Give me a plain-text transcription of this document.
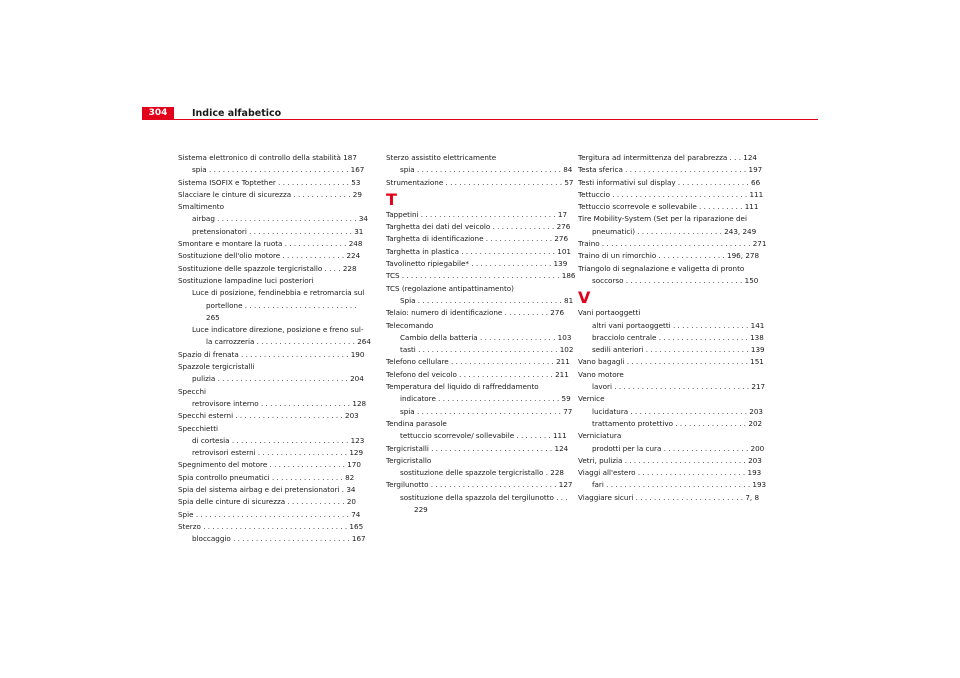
304	Indice alfabetico
Sistema elettronico di controllo della stabilità 187
spia . . . . . . . . . . . . . . . . . . . . . . . . . . . . . . . 167
Sistema ISOFIX e Toptether . . . . . . . . . . . . . . . . 53
Slacciare le cinture di sicurezza . . . . . . . . . . . . . 29
Smaltimento
airbag . . . . . . . . . . . . . . . . . . . . . . . . . . . . . . . 34
pretensionatori . . . . . . . . . . . . . . . . . . . . . . . 31
Smontare e montare la ruota . . . . . . . . . . . . . . 248
Sostituzione dell'olio motore . . . . . . . . . . . . . . 224
Sostituzione delle spazzole tergicristallo . . . . 228
Sostituzione lampadine luci posteriori
Luce di posizione, fendinebbia e retromarcia sul
portellone . . . . . . . . . . . . . . . . . . . . . . . . . 265
Luce indicatore direzione, posizione e freno sul-
la carrozzeria . . . . . . . . . . . . . . . . . . . . . . 264
Spazio di frenata . . . . . . . . . . . . . . . . . . . . . . . . 190
Spazzole tergicristalli
pulizia . . . . . . . . . . . . . . . . . . . . . . . . . . . . . 204
Specchi
retrovisore interno . . . . . . . . . . . . . . . . . . . . 128
Specchi esterni . . . . . . . . . . . . . . . . . . . . . . . . 203
Specchietti
di cortesia . . . . . . . . . . . . . . . . . . . . . . . . . . 123
retrovisori esterni . . . . . . . . . . . . . . . . . . . . 129
Spegnimento del motore . . . . . . . . . . . . . . . . . 170
Spia controllo pneumatici . . . . . . . . . . . . . . . . 82
Spia del sistema airbag e dei pretensionatori . 34
Spia delle cinture di sicurezza . . . . . . . . . . . . . 20
Spie . . . . . . . . . . . . . . . . . . . . . . . . . . . . . . . . . . 74
Sterzo . . . . . . . . . . . . . . . . . . . . . . . . . . . . . . . . 165
bloccaggio . . . . . . . . . . . . . . . . . . . . . . . . . . 167
Sterzo assistito elettricamente
spia . . . . . . . . . . . . . . . . . . . . . . . . . . . . . . . . 84
Strumentazione . . . . . . . . . . . . . . . . . . . . . . . . . . 57
T
Tappetini . . . . . . . . . . . . . . . . . . . . . . . . . . . . . . 17
Targhetta dei dati del veicolo . . . . . . . . . . . . . . 276
Targhetta di identificazione . . . . . . . . . . . . . . . 276
Targhetta in plastica . . . . . . . . . . . . . . . . . . . . . 101
Tavolinetto ripiegabile* . . . . . . . . . . . . . . . . . . 139
TCS . . . . . . . . . . . . . . . . . . . . . . . . . . . . . . . . . . . 186
TCS (regolazione antipattinamento)
Spia . . . . . . . . . . . . . . . . . . . . . . . . . . . . . . . . 81
Telaio: numero di identificazione . . . . . . . . . . 276
Telecomando
Cambio della batteria . . . . . . . . . . . . . . . . . 103
tasti . . . . . . . . . . . . . . . . . . . . . . . . . . . . . . . 102
Telefono cellulare . . . . . . . . . . . . . . . . . . . . . . . 211
Telefono del veicolo . . . . . . . . . . . . . . . . . . . . . 211
Temperatura del liquido di raffreddamento
indicatore . . . . . . . . . . . . . . . . . . . . . . . . . . . 59
spia . . . . . . . . . . . . . . . . . . . . . . . . . . . . . . . . 77
Tendina parasole
tettuccio scorrevole/ sollevabile . . . . . . . . 111
Tergicristalli . . . . . . . . . . . . . . . . . . . . . . . . . . . 124
Tergicristallo
sostituzione delle spazzole tergicristallo . 228
Tergilunotto . . . . . . . . . . . . . . . . . . . . . . . . . . . . 127
sostituzione della spazzola del tergilunotto . . .
229
Tergitura ad intermittenza del parabrezza . . . 124
Testa sferica . . . . . . . . . . . . . . . . . . . . . . . . . . . 197
Testi informativi sul display . . . . . . . . . . . . . . . . 66
Tettuccio . . . . . . . . . . . . . . . . . . . . . . . . . . . . . . 111
Tettuccio scorrevole e sollevabile . . . . . . . . . . 111
Tire Mobility-System (Set per la riparazione dei
pneumatici) . . . . . . . . . . . . . . . . . . . 243, 249
Traino . . . . . . . . . . . . . . . . . . . . . . . . . . . . . . . . . 271
Traino di un rimorchio . . . . . . . . . . . . . . . 196, 278
Triangolo di segnalazione e valigetta di pronto
soccorso . . . . . . . . . . . . . . . . . . . . . . . . . . 150
V
Vani portaoggetti
altri vani portaoggetti . . . . . . . . . . . . . . . . . 141
bracciolo centrale . . . . . . . . . . . . . . . . . . . . 138
sedili anteriori . . . . . . . . . . . . . . . . . . . . . . . 139
Vano bagagli . . . . . . . . . . . . . . . . . . . . . . . . . . . 151
Vano motore
lavori . . . . . . . . . . . . . . . . . . . . . . . . . . . . . . 217
Vernice
lucidatura . . . . . . . . . . . . . . . . . . . . . . . . . . 203
trattamento protettivo . . . . . . . . . . . . . . . . 202
Verniciatura
prodotti per la cura . . . . . . . . . . . . . . . . . . . 200
Vetri, pulizia . . . . . . . . . . . . . . . . . . . . . . . . . . . 203
Viaggi all'estero . . . . . . . . . . . . . . . . . . . . . . . . 193
fari . . . . . . . . . . . . . . . . . . . . . . . . . . . . . . . . 193
Viaggiare sicuri . . . . . . . . . . . . . . . . . . . . . . . . 7, 8
